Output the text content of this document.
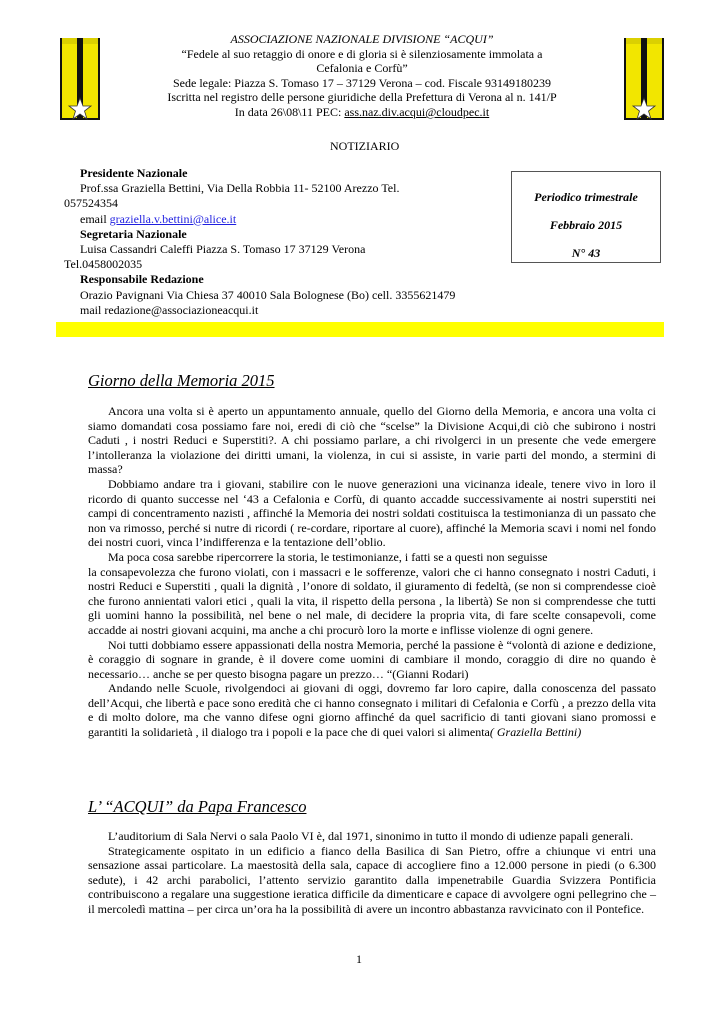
ASSOCIAZIONE NAZIONALE DIVISIONE “ACQUI”
“Fedele al suo retaggio di onore e di gloria si è silenziosamente immolata a
Cefalonia e Corfù”
Sede legale: Piazza S. Tomaso 17 – 37129 Verona – cod. Fiscale 93149180239
Iscritta nel registro delle persone giuridiche della Prefettura di Verona al n. 141/P
In data 26\08\11 PEC: ass.naz.div.acqui@cloudpec.it
NOTIZIARIO
Presidente Nazionale
Prof.ssa Graziella Bettini, Via Della Robbia 11- 52100 Arezzo Tel.
057524354
email graziella.v.bettini@alice.it
Segretaria Nazionale
Luisa Cassandri Caleffi Piazza S. Tomaso 17 37129 Verona
Tel.0458002035
Responsabile Redazione
Orazio Pavignani Via Chiesa 37 40010 Sala Bolognese (Bo) cell. 3355621479
mail redazione@associazioneacqui.it
Periodico trimestrale
Febbraio 2015
N° 43
Giorno della Memoria 2015

Ancora una volta si è aperto un appuntamento annuale, quello del Giorno della Memoria, e ancora una volta ci siamo domandati cosa possiamo fare noi, eredi di ciò che “scelse” la Divisione Acqui,di ciò che subirono i nostri Caduti , i nostri Reduci e Superstiti?. A chi possiamo parlare, a chi rivolgerci in un presente che vede emergere l’intolleranza la violazione dei diritti umani, la violenza, in cui si assiste, in varie parti del mondo, a stermini di massa?

Dobbiamo andare tra i giovani, stabilire con le nuove generazioni una vicinanza ideale, tenere vivo in loro il ricordo di quanto successe nel ‘43 a Cefalonia e Corfù, di quanto accadde successivamente ai nostri superstiti nei campi di concentramento nazisti , affinché la Memoria dei nostri soldati costituisca la testimonianza di un passato che non va rimosso, perché si nutre di ricordi ( re-cordare, riportare al cuore), affinché la Memoria scavi i nomi nel fondo dei nostri cuori, vinca l’indifferenza e la tentazione dell’oblio.

Ma poca cosa sarebbe ripercorrere la storia, le testimonianze, i fatti se a questi non seguisse

la consapevolezza che furono violati, con i massacri e le sofferenze, valori che ci hanno consegnato i nostri Caduti, i nostri Reduci e Superstiti , quali la dignità , l’onore di soldato, il giuramento di fedeltà, (se non si comprendesse cioè che furono annientati valori etici , quali la vita, il rispetto della persona , la libertà) Se non si comprendesse che tutti gli uomini hanno la possibilità, nel bene o nel male, di decidere la propria vita, di fare scelte consapevoli, come accadde ai nostri giovani acquini, ma anche a chi procurò loro la morte e inflisse violenze di ogni genere.

Noi tutti dobbiamo essere appassionati della nostra Memoria, perché la passione è “volontà di azione e dedizione, è coraggio di sognare in grande, è il dovere come uomini di cambiare il mondo, coraggio di dire no quando è necessario… anche se per questo bisogna pagare un prezzo… “(Gianni Rodari)

Andando nelle Scuole, rivolgendoci ai giovani di oggi, dovremo far loro capire, dalla conoscenza del passato dell’Acqui, che libertà e pace sono eredità che ci hanno consegnato i militari di Cefalonia e Corfù , a prezzo della vita e di molto dolore, ma che vanno difese ogni giorno affinché da quel sacrificio di tanti giovani siano promossi e garantiti la solidarietà , il dialogo tra i popoli e la pace che di quei valori si alimenta( Graziella Bettini)

L’ “ACQUI” da Papa Francesco

L’auditorium di Sala Nervi o sala Paolo VI è, dal 1971, sinonimo in tutto il mondo di udienze papali generali.

Strategicamente ospitato in un edificio a fianco della Basilica di San Pietro, offre a chiunque vi entri una sensazione assai particolare. La maestosità della sala, capace di accogliere fino a 12.000 persone in piedi (o 6.300 sedute), i 42 archi parabolici, l’attento servizio garantito dalla impenetrabile Guardia Svizzera Pontificia contribuiscono a regalare una suggestione ieratica difficile da dimenticare e capace di avvolgere ogni pellegrino che – il mercoledì mattina – per circa un’ora ha la possibilità di avere un incontro abbastanza ravvicinato con il Pontefice.

1
